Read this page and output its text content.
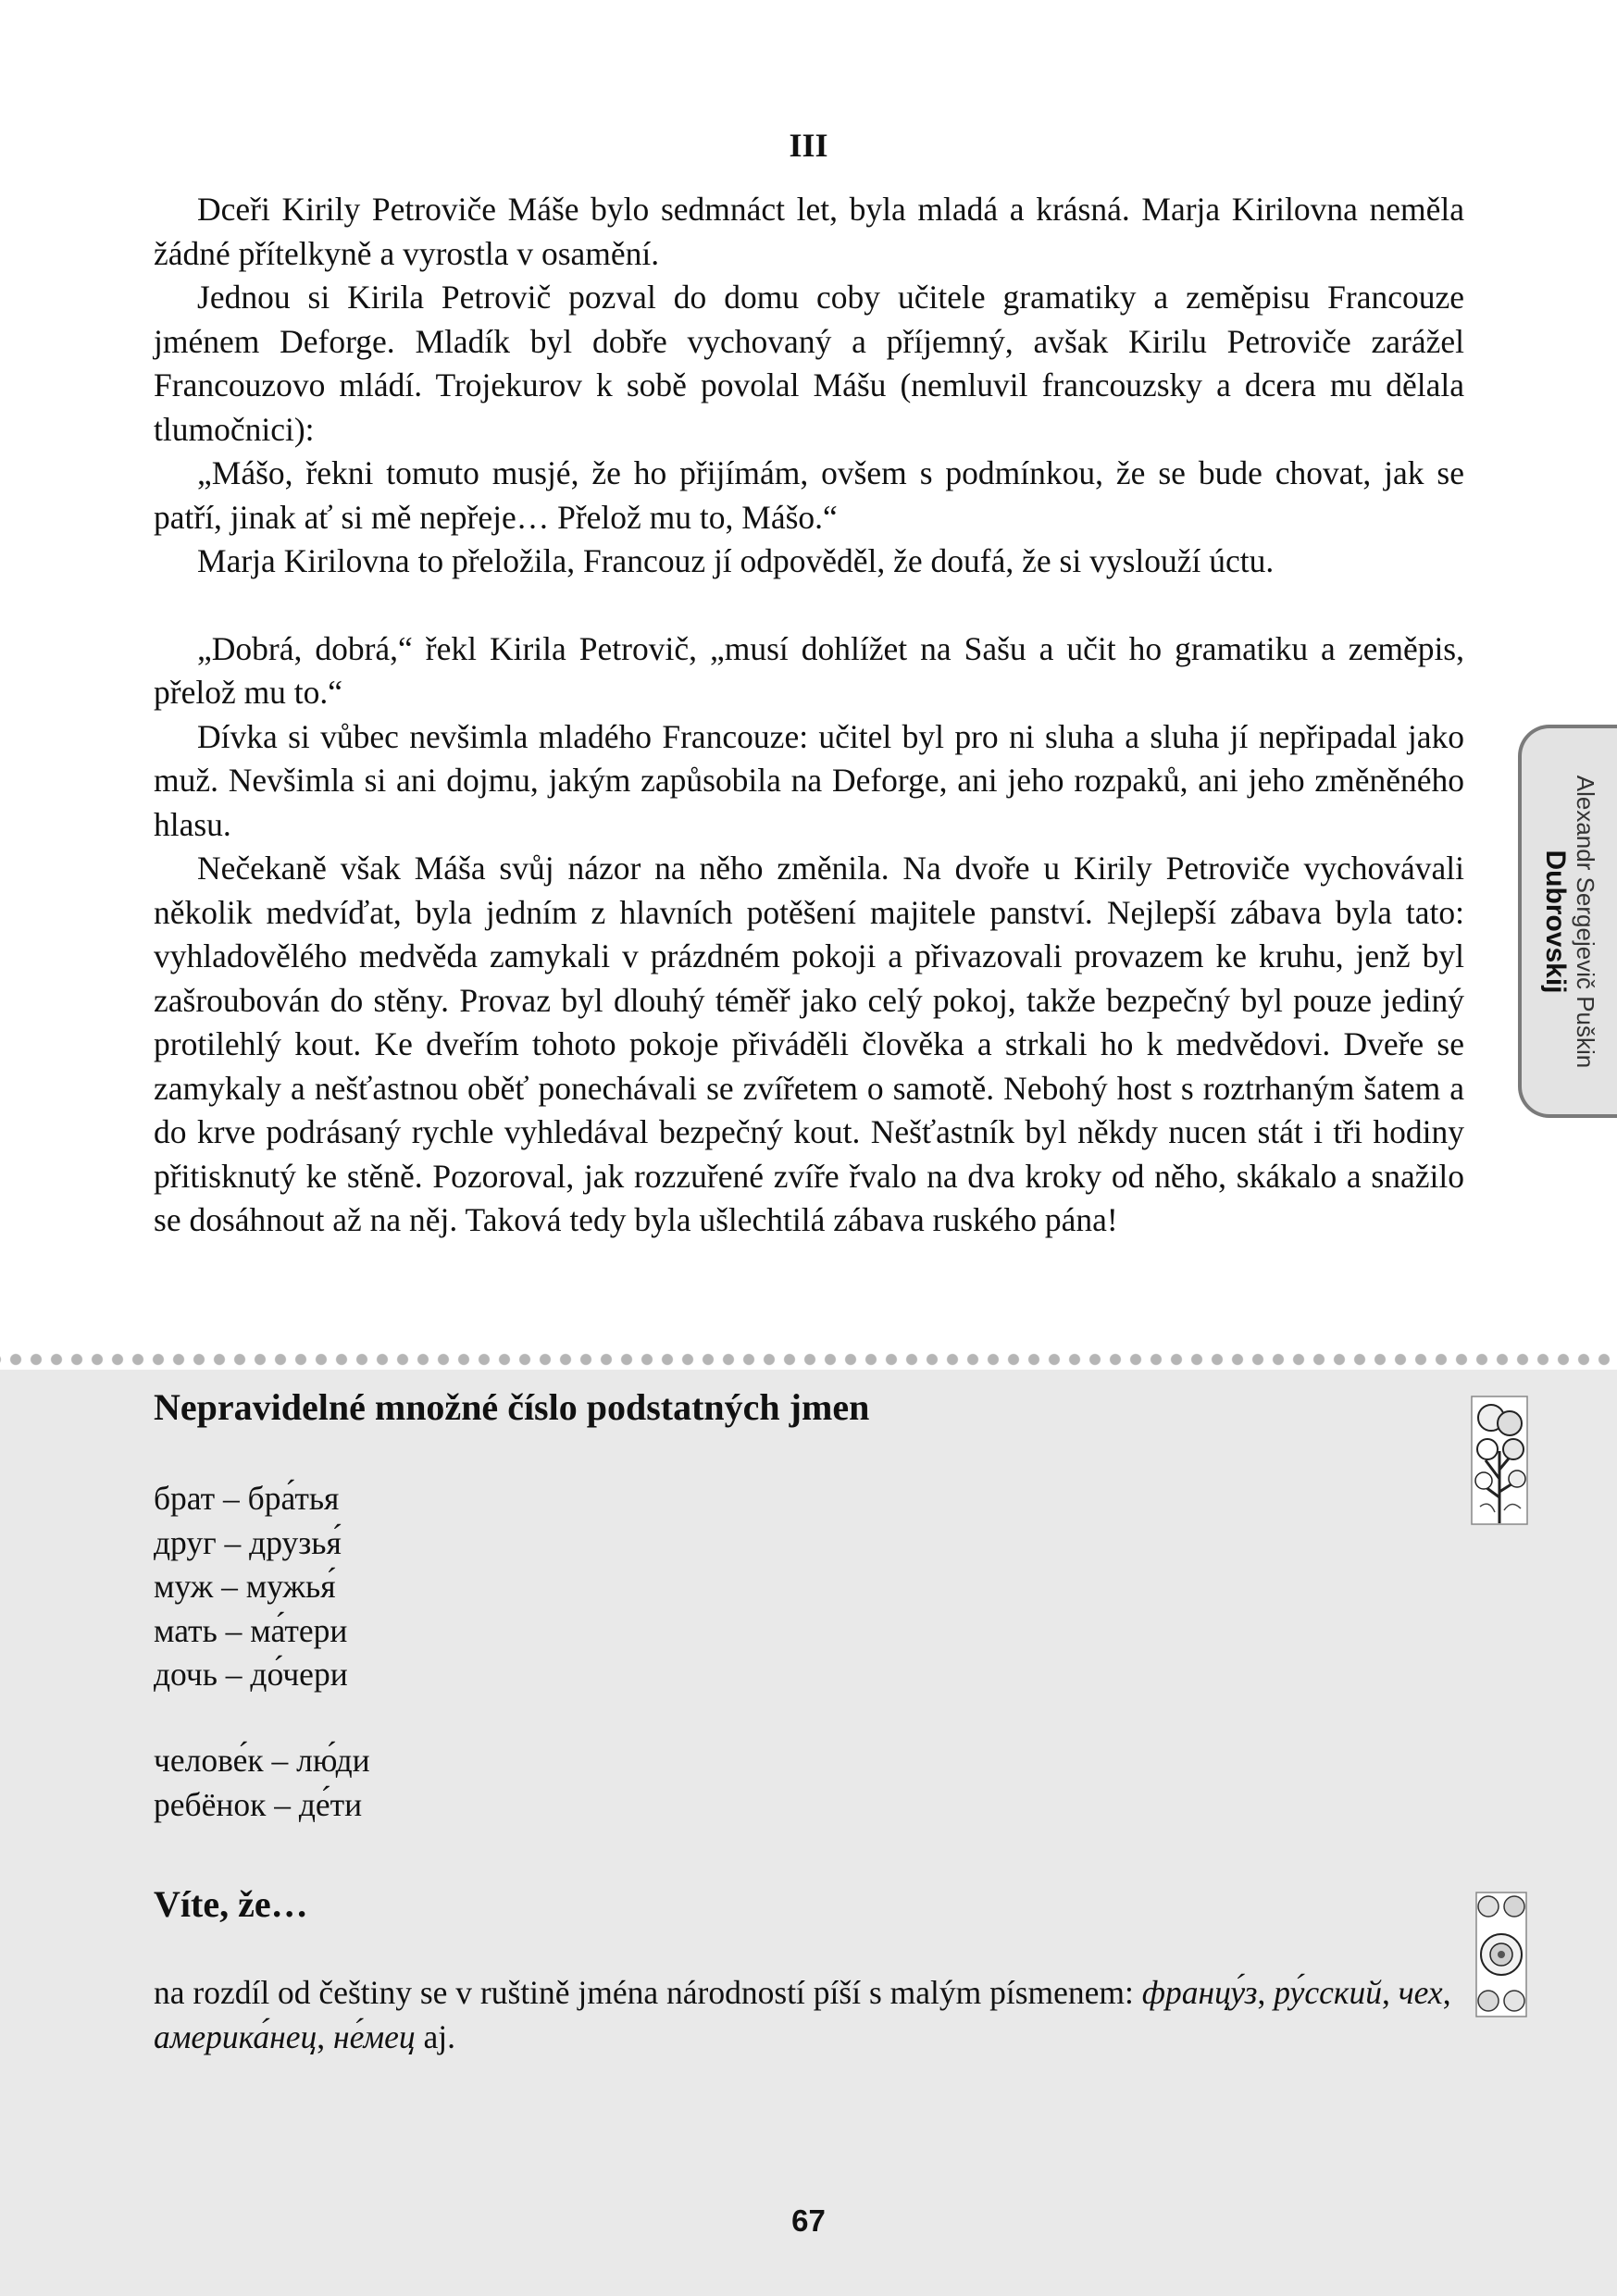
III

Dceři Kirily Petroviče Máše bylo sedmnáct let, byla mladá a krásná. Marja Kirilovna neměla žádné přítelkyně a vyrostla v osamění.

Jednou si Kirila Petrovič pozval do domu coby učitele gramatiky a zeměpisu Francouze jménem Deforge. Mladík byl dobře vychovaný a příjemný, avšak Kirilu Petroviče zarážel Francouzovo mládí. Trojekurov k sobě povolal Mášu (nemluvil francouzsky a dcera mu dělala tlumočnici):

„Mášo, řekni tomuto musjé, že ho přijímám, ovšem s podmínkou, že se bude chovat, jak se patří, jinak ať si mě nepřeje… Přelož mu to, Mášo.“

Marja Kirilovna to přeložila, Francouz jí odpověděl, že doufá, že si vyslouží úctu.

„Dobrá, dobrá,“ řekl Kirila Petrovič, „musí dohlížet na Sašu a učit ho gramatiku a zeměpis, přelož mu to.“

Dívka si vůbec nevšimla mladého Francouze: učitel byl pro ni sluha a sluha jí nepřipadal jako muž. Nevšimla si ani dojmu, jakým zapůsobila na Deforge, ani jeho rozpaků, ani jeho změněného hlasu.

Nečekaně však Máša svůj názor na něho změnila. Na dvoře u Kirily Petroviče vychovávali několik medvíďat, byla jedním z hlavních potěšení majitele panství. Nejlepší zábava byla tato: vyhladovělého medvěda zamykali v prázdném pokoji a přivazovali provazem ke kruhu, jenž byl zašroubován do stěny. Provaz byl dlouhý téměř jako celý pokoj, takže bezpečný byl pouze jediný protilehlý kout. Ke dveřím tohoto pokoje přiváděli člověka a strkali ho k medvědovi. Dveře se zamykaly a nešťastnou oběť ponechávali se zvířetem o samotě. Nebohý host s roztrhaným šatem a do krve podrásaný rychle vyhledával bezpečný kout. Nešťastník byl někdy nucen stát i tři hodiny přitisknutý ke stěně. Pozoroval, jak rozzuřené zvíře řvalo na dva kroky od něho, skákalo a snažilo se dosáhnout až na něj. Taková tedy byla ušlechtilá zábava ruského pána!

Alexandr Sergejevič Puškin
Dubrovskij
Nepravidelné množné číslo podstatných jmen
брат – бра́тья
друг – друзья́
муж – мужья́
мать – ма́тери
дочь – до́чери
челове́к – лю́ди
ребёнок – де́ти
Víte, že…

na rozdíl od češtiny se v ruštině jména národností píší s malým písmenem: францу́з, ру́сский, чех, америка́нец, не́мец aj.

67
